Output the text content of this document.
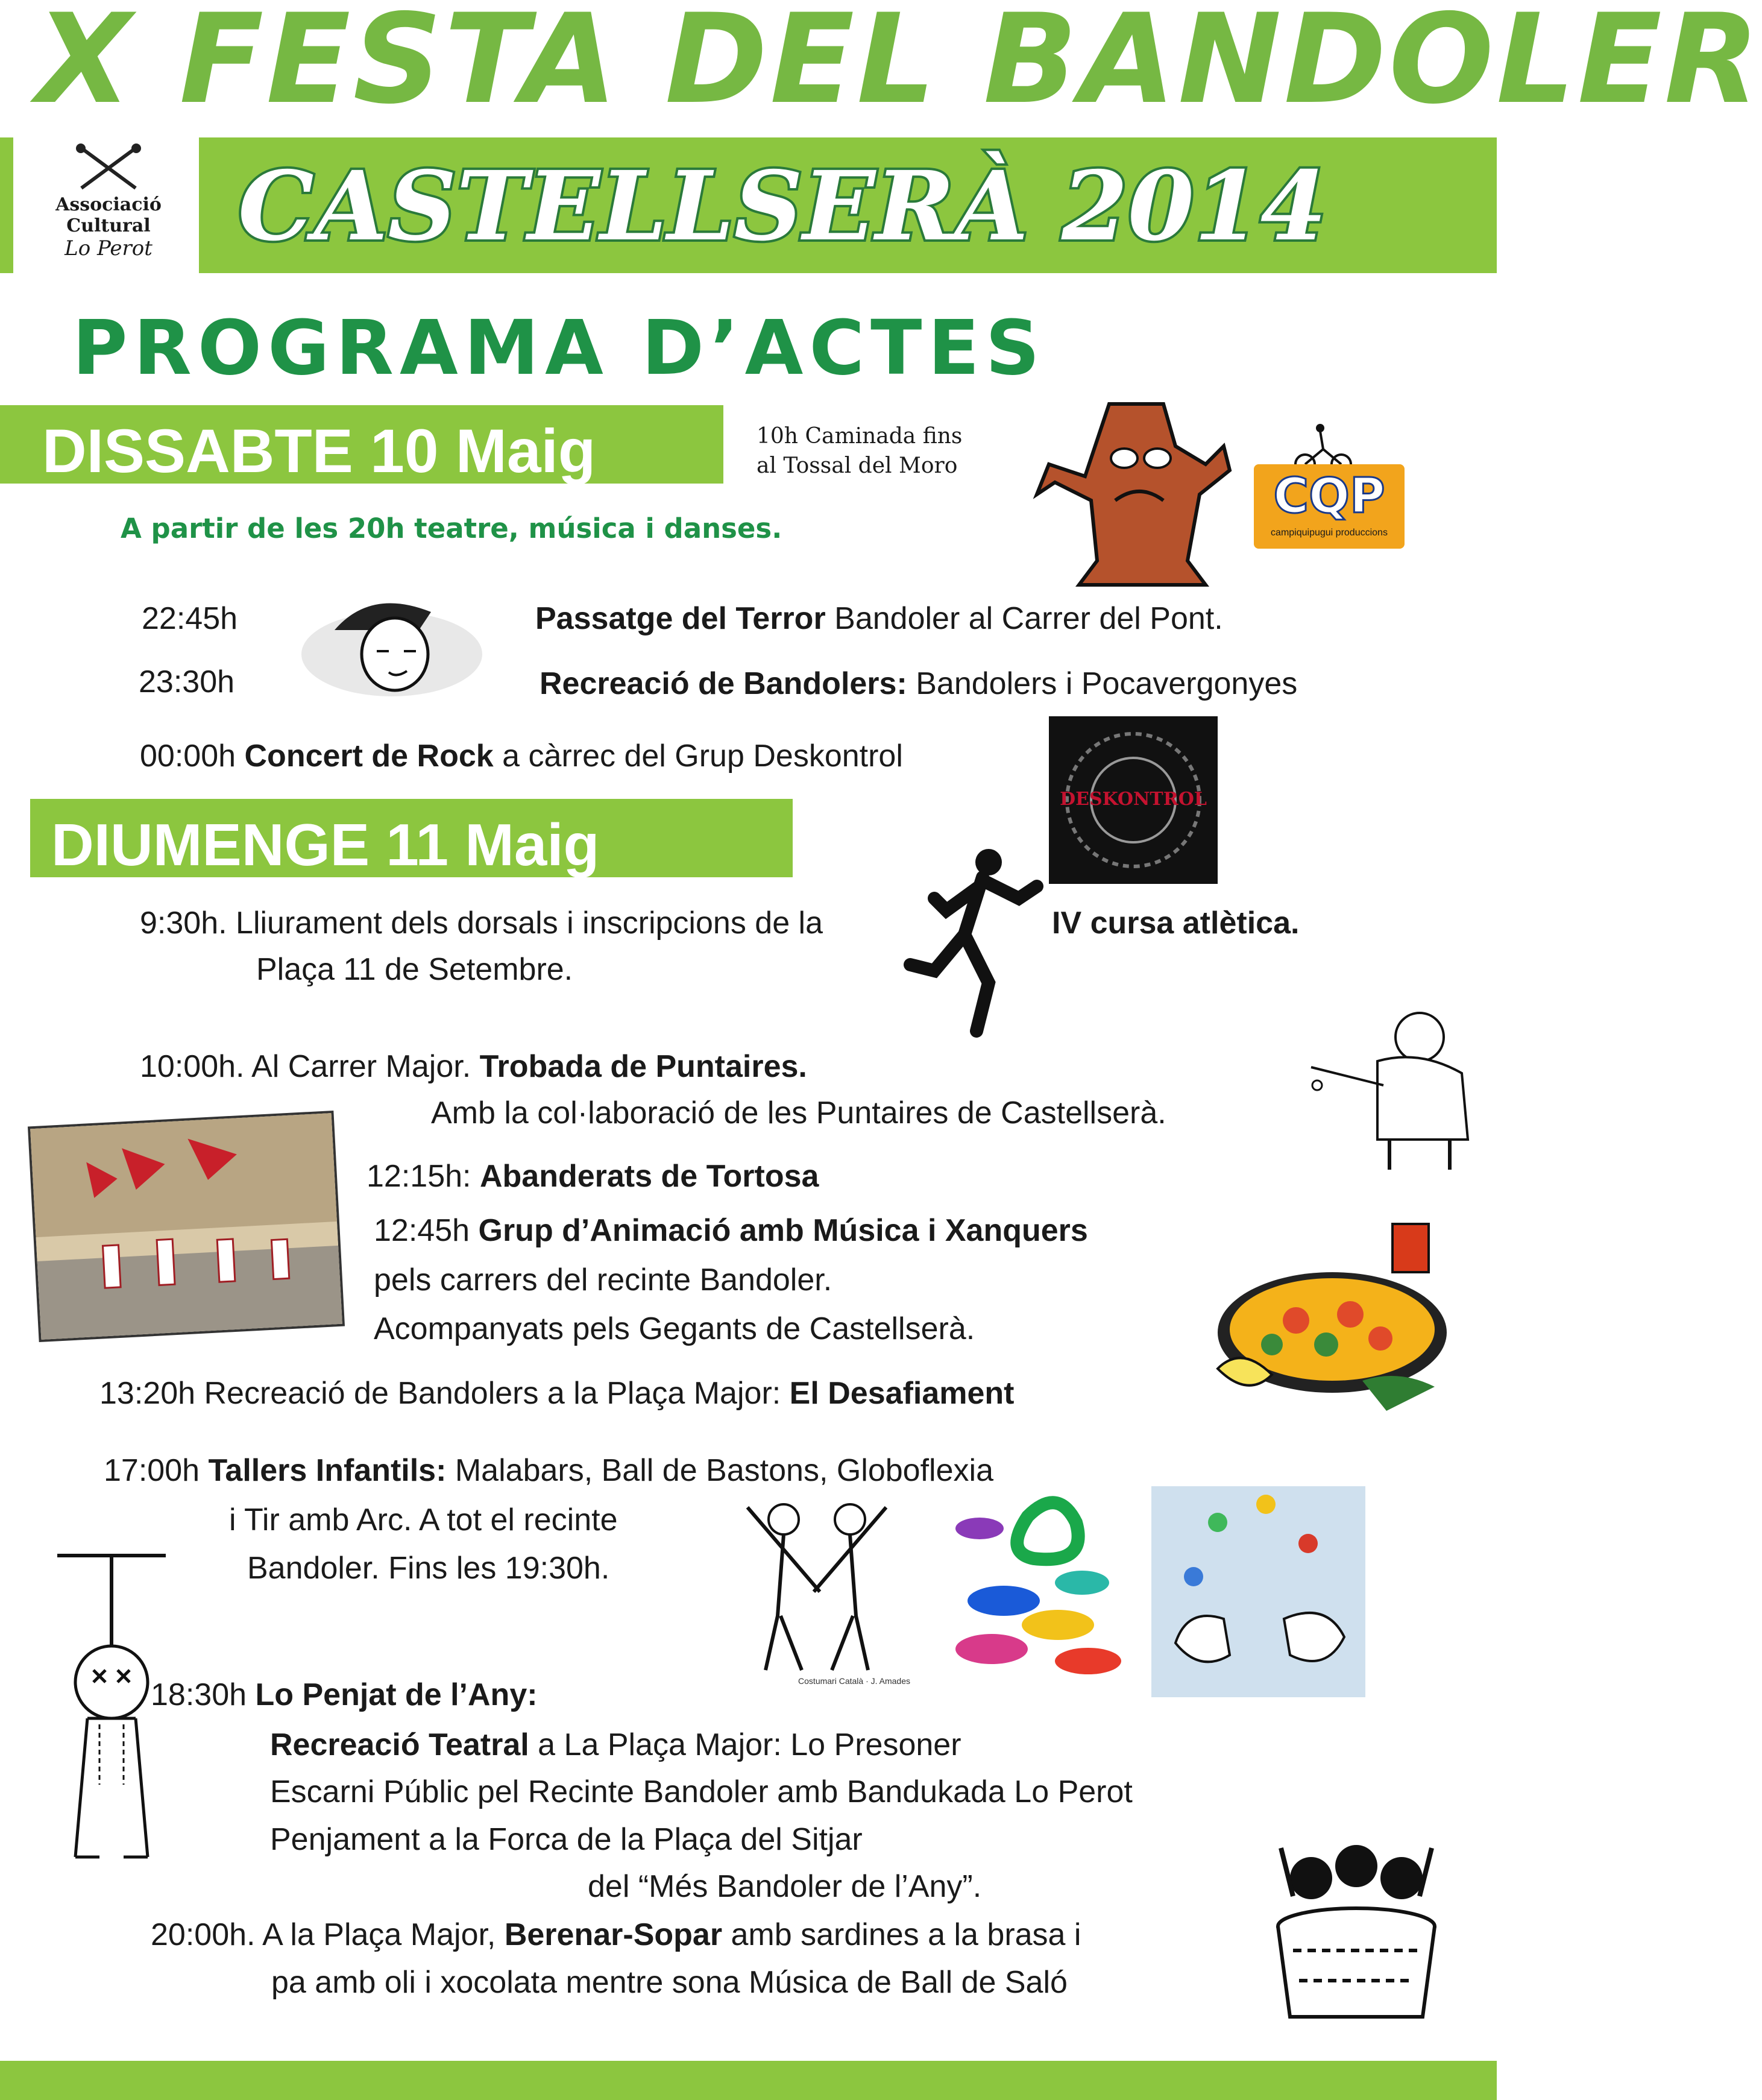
X FESTA DEL BANDOLER
Associació
Cultural
Lo Perot CASTELLSERÀ 2014
PROGRAMA D’ACTES
DISSABTE 10 Maig	10h Caminada fins
al Tossal del Moro
CQP
campiquipugui produccions
A partir de les 20h teatre, música i danses.
22:45h	Passatge del Terror Bandoler al Carrer del Pont.
23:30h	Recreació de Bandolers: Bandolers i Pocavergonyes
00:00h Concert de Rock a càrrec del Grup Deskontrol
DESKONTROL
DIUMENGE 11 Maig
9:30h. Lliurament dels dorsals i inscripcions de la	IV cursa atlètica.
Plaça 11 de Setembre.
10:00h. Al Carrer Major. Trobada de Puntaires.
Amb la col·laboració de les Puntaires de Castellserà.
12:15h: Abanderats de Tortosa
12:45h Grup d’Animació amb Música i Xanquers
pels carrers del recinte Bandoler.
Acompanyats pels Gegants de Castellserà.
13:20h Recreació de Bandolers a la Plaça Major: El Desafiament
17:00h Tallers Infantils: Malabars, Ball de Bastons, Globoflexia
i Tir amb Arc. A tot el recinte
Bandoler. Fins les 19:30h.
Costumari Català · J. Amades
18:30h Lo Penjat de l’Any:
Recreació Teatral a La Plaça Major: Lo Presoner
Escarni Públic pel Recinte Bandoler amb Bandukada Lo Perot
Penjament a la Forca de la Plaça del Sitjar
del “Més Bandoler de l’Any”.
20:00h. A la Plaça Major, Berenar-Sopar amb sardines a la brasa i
pa amb oli i xocolata mentre sona Música de Ball de Saló
